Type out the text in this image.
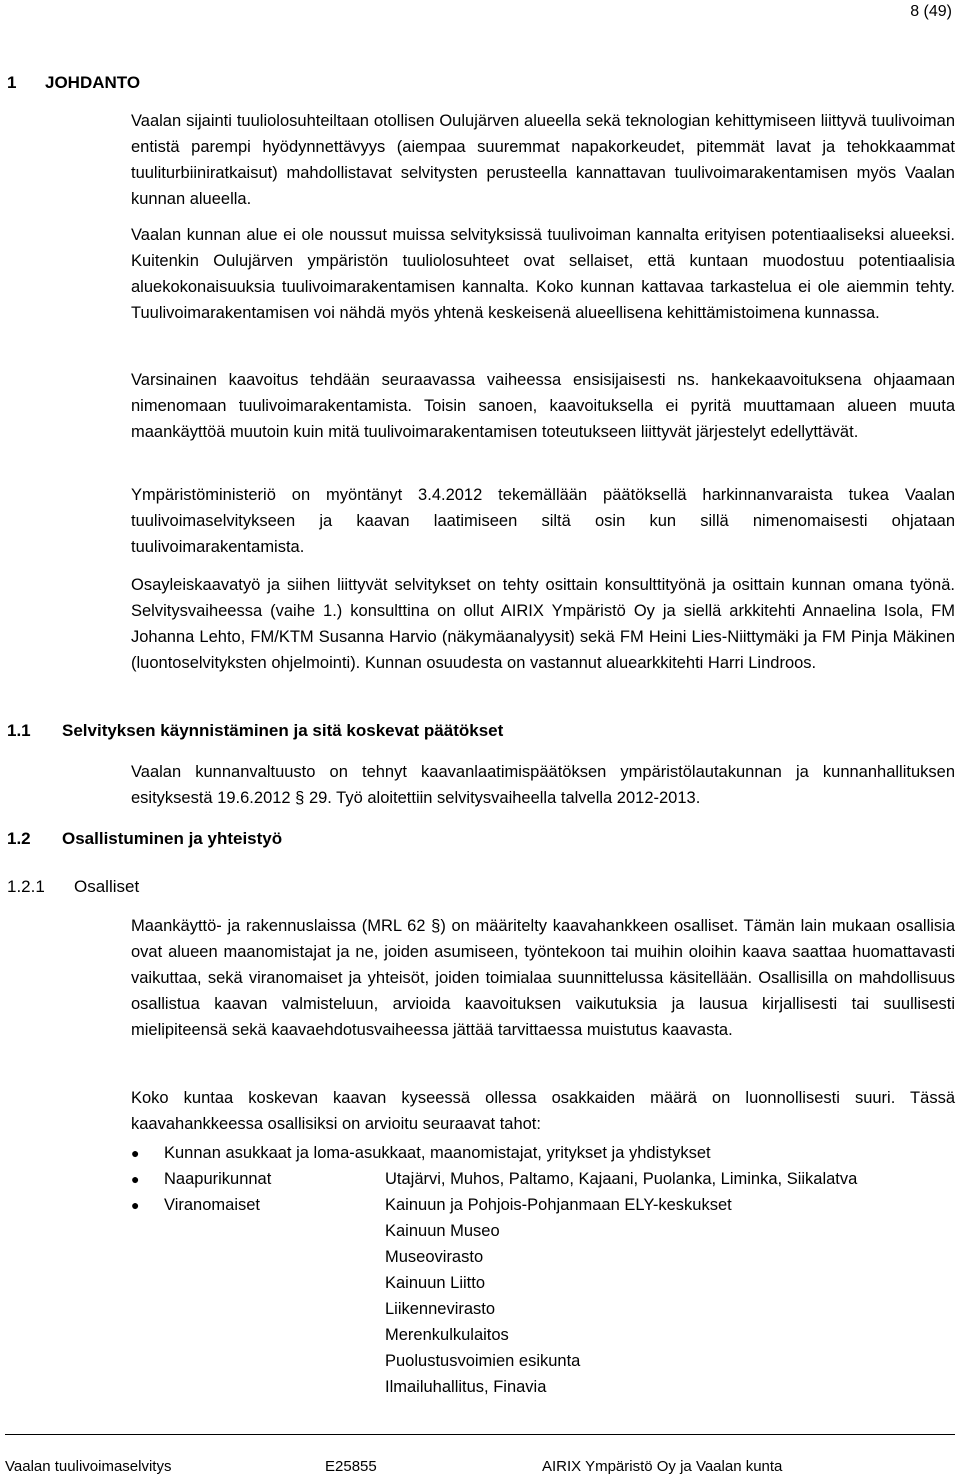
8 (49)
1 JOHDANTO

Vaalan sijainti tuuliolosuhteiltaan otollisen Oulujärven alueella sekä teknologian kehittymiseen liittyvä tuulivoiman entistä parempi hyödynnettävyys (aiempaa suuremmat napakorkeudet, pitemmät lavat ja tehokkaammat tuuliturbiiniratkaisut) mahdollistavat selvitysten perusteella kannattavan tuulivoimarakentamisen myös Vaalan kunnan alueella.

Vaalan kunnan alue ei ole noussut muissa selvityksissä tuulivoiman kannalta erityisen potentiaaliseksi alueeksi. Kuitenkin Oulujärven ympäristön tuuliolosuhteet ovat sellaiset, että kuntaan muodostuu potentiaalisia aluekokonaisuuksia tuulivoimarakentamisen kannalta. Koko kunnan kattavaa tarkastelua ei ole aiemmin tehty. Tuulivoimarakentamisen voi nähdä myös yhtenä keskeisenä alueellisena kehittämistoimena kunnassa.

Varsinainen kaavoitus tehdään seuraavassa vaiheessa ensisijaisesti ns. hankekaavoituksena ohjaamaan nimenomaan tuulivoimarakentamista. Toisin sanoen, kaavoituksella ei pyritä muuttamaan alueen muuta maankäyttöä muutoin kuin mitä tuulivoimarakentamisen toteutukseen liittyvät järjestelyt edellyttävät.

Ympäristöministeriö on myöntänyt 3.4.2012 tekemällään päätöksellä harkinnanvaraista tukea Vaalan tuulivoimaselvitykseen ja kaavan laatimiseen siltä osin kun sillä nimenomaisesti ohjataan tuulivoimarakentamista.

Osayleiskaavatyö ja siihen liittyvät selvitykset on tehty osittain konsulttityönä ja osittain kunnan omana työnä. Selvitysvaiheessa (vaihe 1.) konsulttina on ollut AIRIX Ympäristö Oy ja siellä arkkitehti Annaelina Isola, FM Johanna Lehto, FM/KTM Susanna Harvio (näkymäanalyysit) sekä FM Heini Lies-Niittymäki ja FM Pinja Mäkinen (luontoselvityksten ohjelmointi). Kunnan osuudesta on vastannut aluearkkitehti Harri Lindroos.

1.1 Selvityksen käynnistäminen ja sitä koskevat päätökset

Vaalan kunnanvaltuusto on tehnyt kaavanlaatimispäätöksen ympäristölautakunnan ja kunnanhallituksen esityksestä 19.6.2012 § 29. Työ aloitettiin selvitysvaiheella talvella 2012-2013.

1.2 Osallistuminen ja yhteistyö
1.2.1 Osalliset

Maankäyttö- ja rakennuslaissa (MRL 62 §) on määritelty kaavahankkeen osalliset. Tämän lain mukaan osallisia ovat alueen maanomistajat ja ne, joiden asumiseen, työntekoon tai muihin oloihin kaava saattaa huomattavasti vaikuttaa, sekä viranomaiset ja yhteisöt, joiden toimialaa suunnittelussa käsitellään. Osallisilla on mahdollisuus osallistua kaavan valmisteluun, arvioida kaavoituksen vaikutuksia ja lausua kirjallisesti tai suullisesti mielipiteensä sekä kaavaehdotusvaiheessa jättää tarvittaessa muistutus kaavasta.

Koko kuntaa koskevan kaavan kyseessä ollessa osakkaiden määrä on luonnollisesti suuri. Tässä kaavahankkeessa osallisiksi on arvioitu seuraavat tahot:

●	Kunnan asukkaat ja loma-asukkaat, maanomistajat, yritykset ja yhdistykset
●	Naapurikunnat	Utajärvi, Muhos, Paltamo, Kajaani, Puolanka, Liminka, Siikalatva
●	Viranomaiset	Kainuun ja Pohjois-Pohjanmaan ELY-keskukset
Kainuun Museo
Museovirasto
Kainuun Liitto
Liikennevirasto
Merenkulkulaitos
Puolustusvoimien esikunta
Ilmailuhallitus, Finavia
Vaalan tuulivoimaselvitys	E25855	AIRIX Ympäristö Oy ja Vaalan kunta
